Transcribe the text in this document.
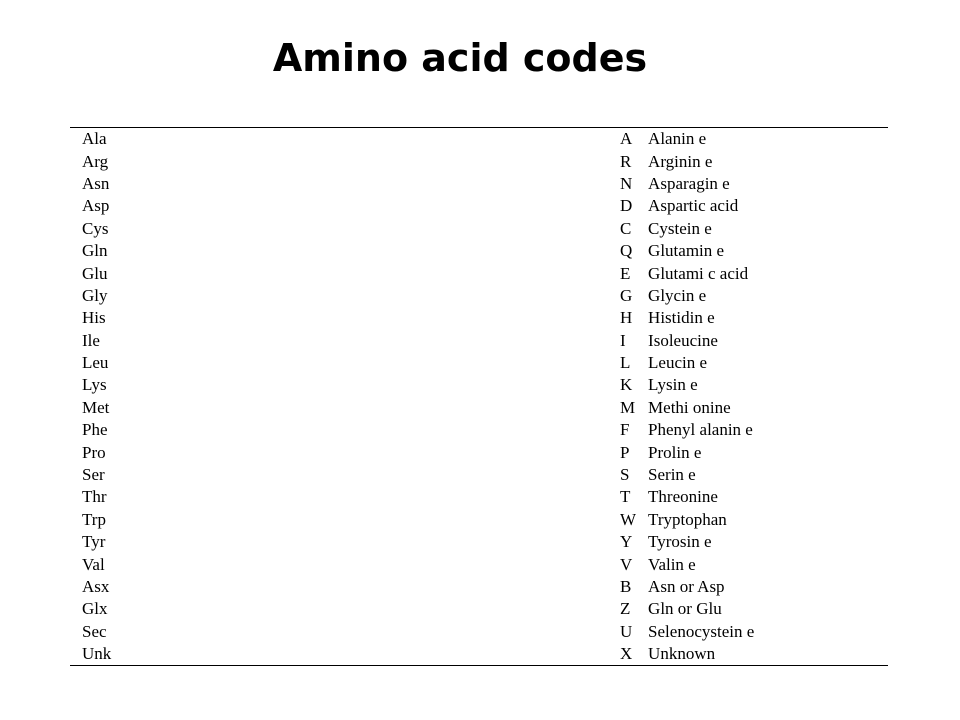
Amino acid codes
Ala	A	Alanin e
Arg	R	Arginin e
Asn	N	Asparagin e
Asp	D	Aspartic acid
Cys	C	Cystein e
Gln	Q	Glutamin e
Glu	E	Glutami c acid
Gly	G	Glycin e
His	H	Histidin e
Ile	I	Isoleucine
Leu	L	Leucin e
Lys	K	Lysin e
Met	M	Methi onine
Phe	F	Phenyl alanin e
Pro	P	Prolin e
Ser	S	Serin e
Thr	T	Threonine
Trp	W	Tryptophan
Tyr	Y	Tyrosin e
Val	V	Valin e
Asx	B	Asn or Asp
Glx	Z	Gln or Glu
Sec	U	Selenocystein e
Unk	X	Unknown
